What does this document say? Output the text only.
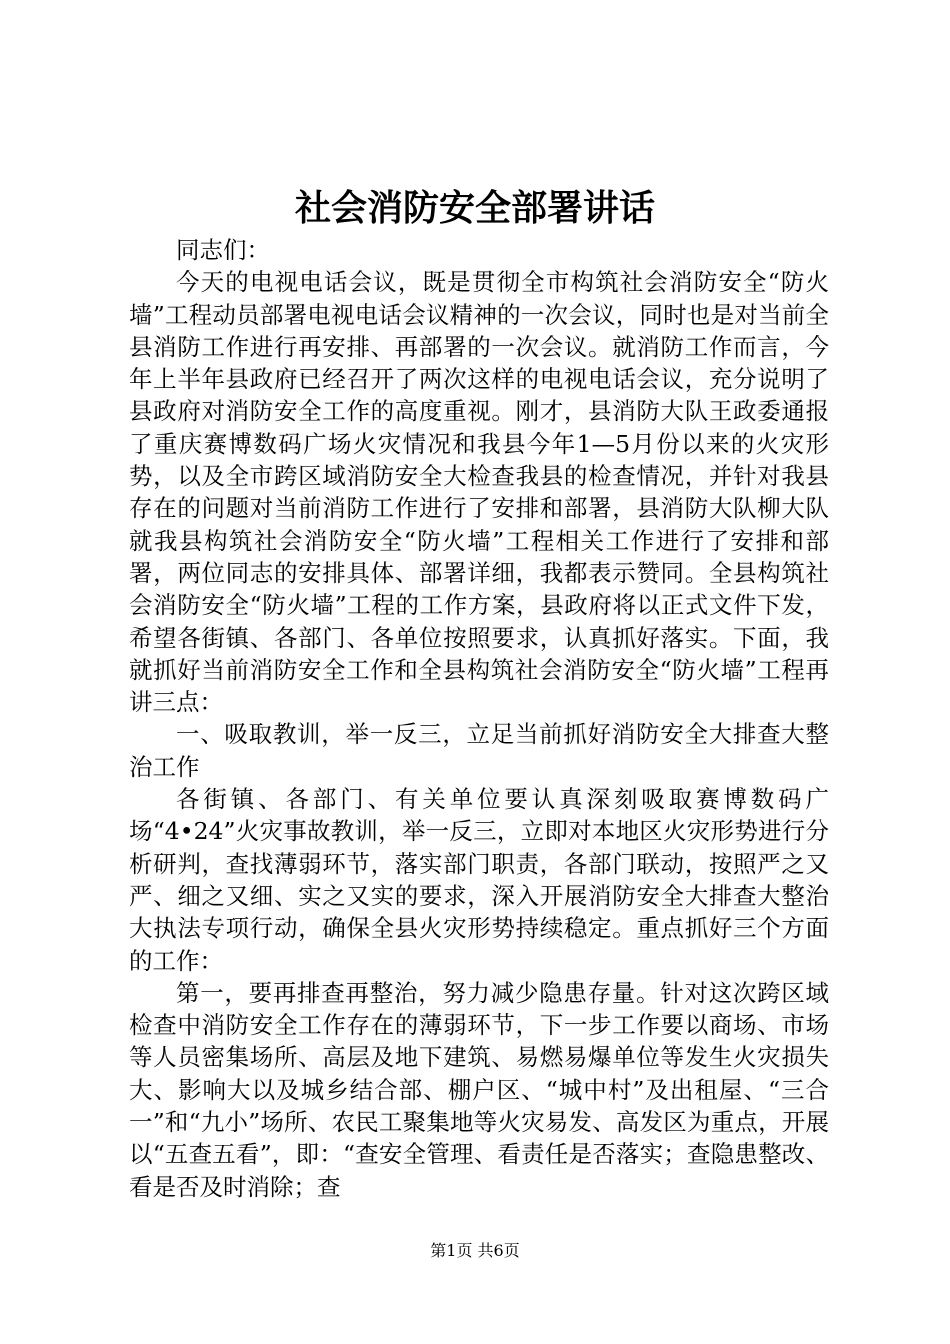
社会消防安全部署讲话

同志们：

今天的电视电话会议，既是贯彻全市构筑社会消防安全“防火墙”工程动员部署电视电话会议精神的一次会议，同时也是对当前全县消防工作进行再安排、再部署的一次会议。就消防工作而言，今年上半年县政府已经召开了两次这样的电视电话会议，充分说明了县政府对消防安全工作的高度重视。刚才，县消防大队王政委通报了重庆赛博数码广场火灾情况和我县今年1—5月份以来的火灾形势，以及全市跨区域消防安全大检查我县的检查情况，并针对我县存在的问题对当前消防工作进行了安排和部署，县消防大队柳大队就我县构筑社会消防安全“防火墙”工程相关工作进行了安排和部署，两位同志的安排具体、部署详细，我都表示赞同。全县构筑社会消防安全“防火墙”工程的工作方案，县政府将以正式文件下发，希望各街镇、各部门、各单位按照要求，认真抓好落实。下面，我就抓好当前消防安全工作和全县构筑社会消防安全“防火墙”工程再讲三点：

一、吸取教训，举一反三，立足当前抓好消防安全大排查大整治工作

各街镇、各部门、有关单位要认真深刻吸取赛博数码广场“4•24”火灾事故教训，举一反三，立即对本地区火灾形势进行分析研判，查找薄弱环节，落实部门职责，各部门联动，按照严之又严、细之又细、实之又实的要求，深入开展消防安全大排查大整治大执法专项行动，确保全县火灾形势持续稳定。重点抓好三个方面的工作：

第一，要再排查再整治，努力减少隐患存量。针对这次跨区域检查中消防安全工作存在的薄弱环节，下一步工作要以商场、市场等人员密集场所、高层及地下建筑、易燃易爆单位等发生火灾损失大、影响大以及城乡结合部、棚户区、“城中村”及出租屋、“三合一”和“九小”场所、农民工聚集地等火灾易发、高发区为重点，开展以“五查五看”，即：“查安全管理、看责任是否落实；查隐患整改、看是否及时消除；查

第1页 共6页
